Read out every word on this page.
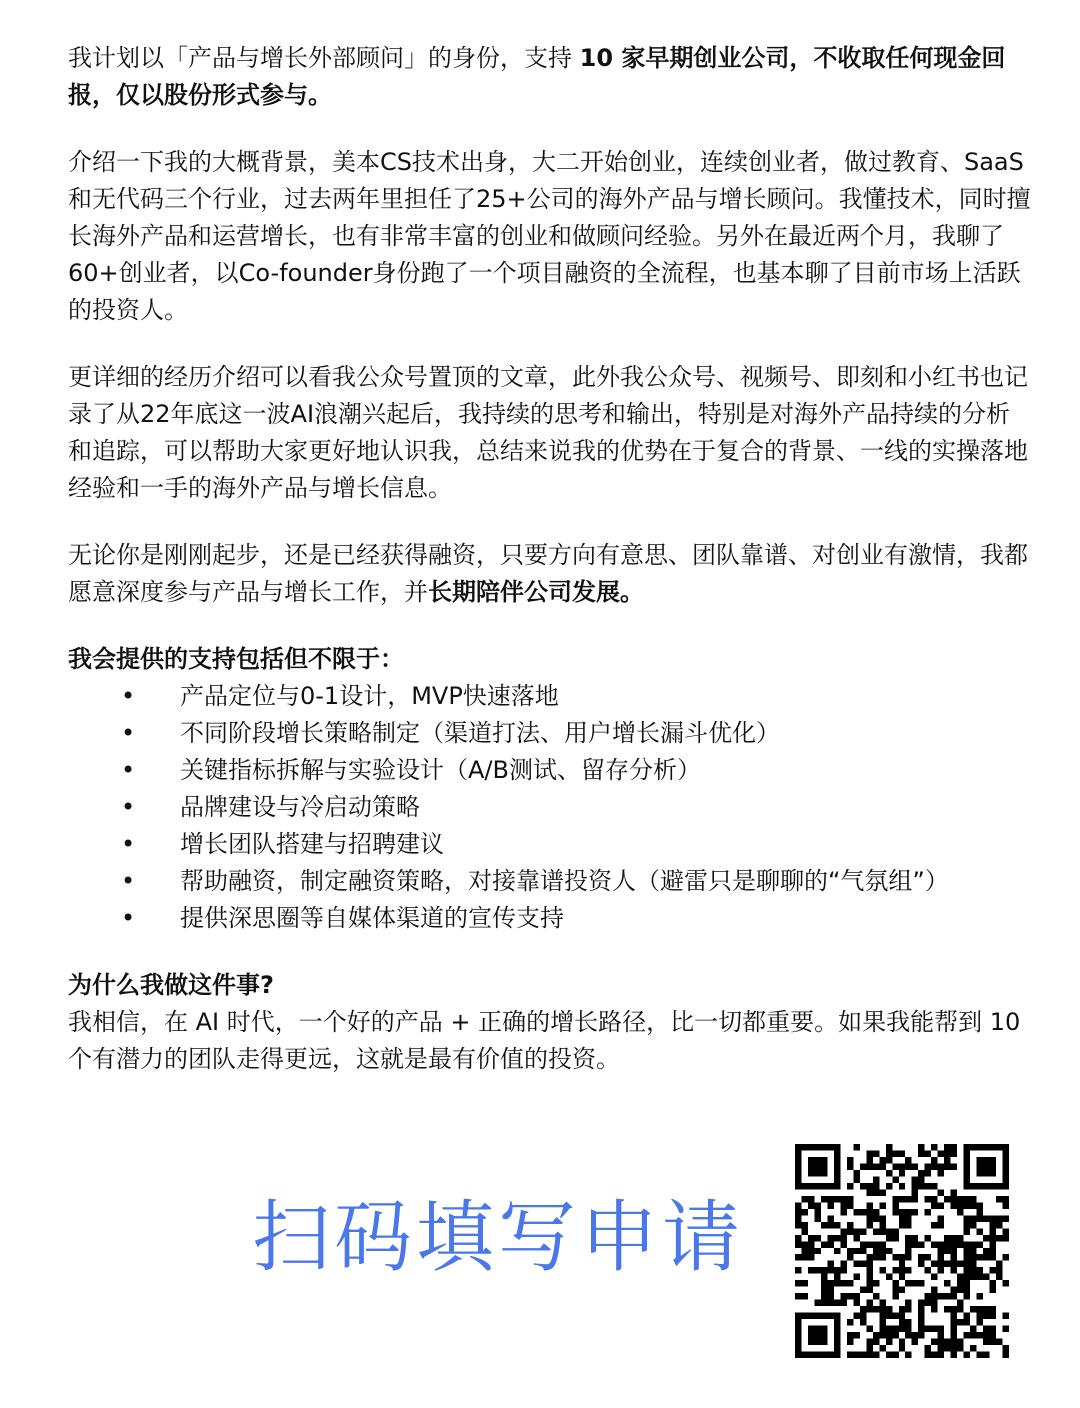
我计划以「产品与增长外部顾问」的身份，支持 10 家早期创业公司，不收取任何现金回报，仅以股份形式参与。

介绍一下我的大概背景，美本CS技术出身，大二开始创业，连续创业者，做过教育、SaaS和无代码三个行业，过去两年里担任了25+公司的海外产品与增长顾问。我懂技术，同时擅长海外产品和运营增长，也有非常丰富的创业和做顾问经验。另外在最近两个月，我聊了60+创业者，以Co-founder身份跑了一个项目融资的全流程，也基本聊了目前市场上活跃的投资人。

更详细的经历介绍可以看我公众号置顶的文章，此外我公众号、视频号、即刻和小红书也记录了从22年底这一波AI浪潮兴起后，我持续的思考和输出，特别是对海外产品持续的分析和追踪，可以帮助大家更好地认识我，总结来说我的优势在于复合的背景、一线的实操落地经验和一手的海外产品与增长信息。

无论你是刚刚起步，还是已经获得融资，只要方向有意思、团队靠谱、对创业有激情，我都愿意深度参与产品与增长工作，并长期陪伴公司发展。

我会提供的支持包括但不限于：

• 产品定位与0-1设计，MVP快速落地
• 不同阶段增长策略制定（渠道打法、用户增长漏斗优化）
• 关键指标拆解与实验设计（A/B测试、留存分析）
• 品牌建设与冷启动策略
• 增长团队搭建与招聘建议
• 帮助融资，制定融资策略，对接靠谱投资人（避雷只是聊聊的“气氛组”）
• 提供深思圈等自媒体渠道的宣传支持

为什么我做这件事?

我相信，在 AI 时代，一个好的产品 + 正确的增长路径，比一切都重要。如果我能帮到 10 个有潜力的团队走得更远，这就是最有价值的投资。

扫码填写申请
